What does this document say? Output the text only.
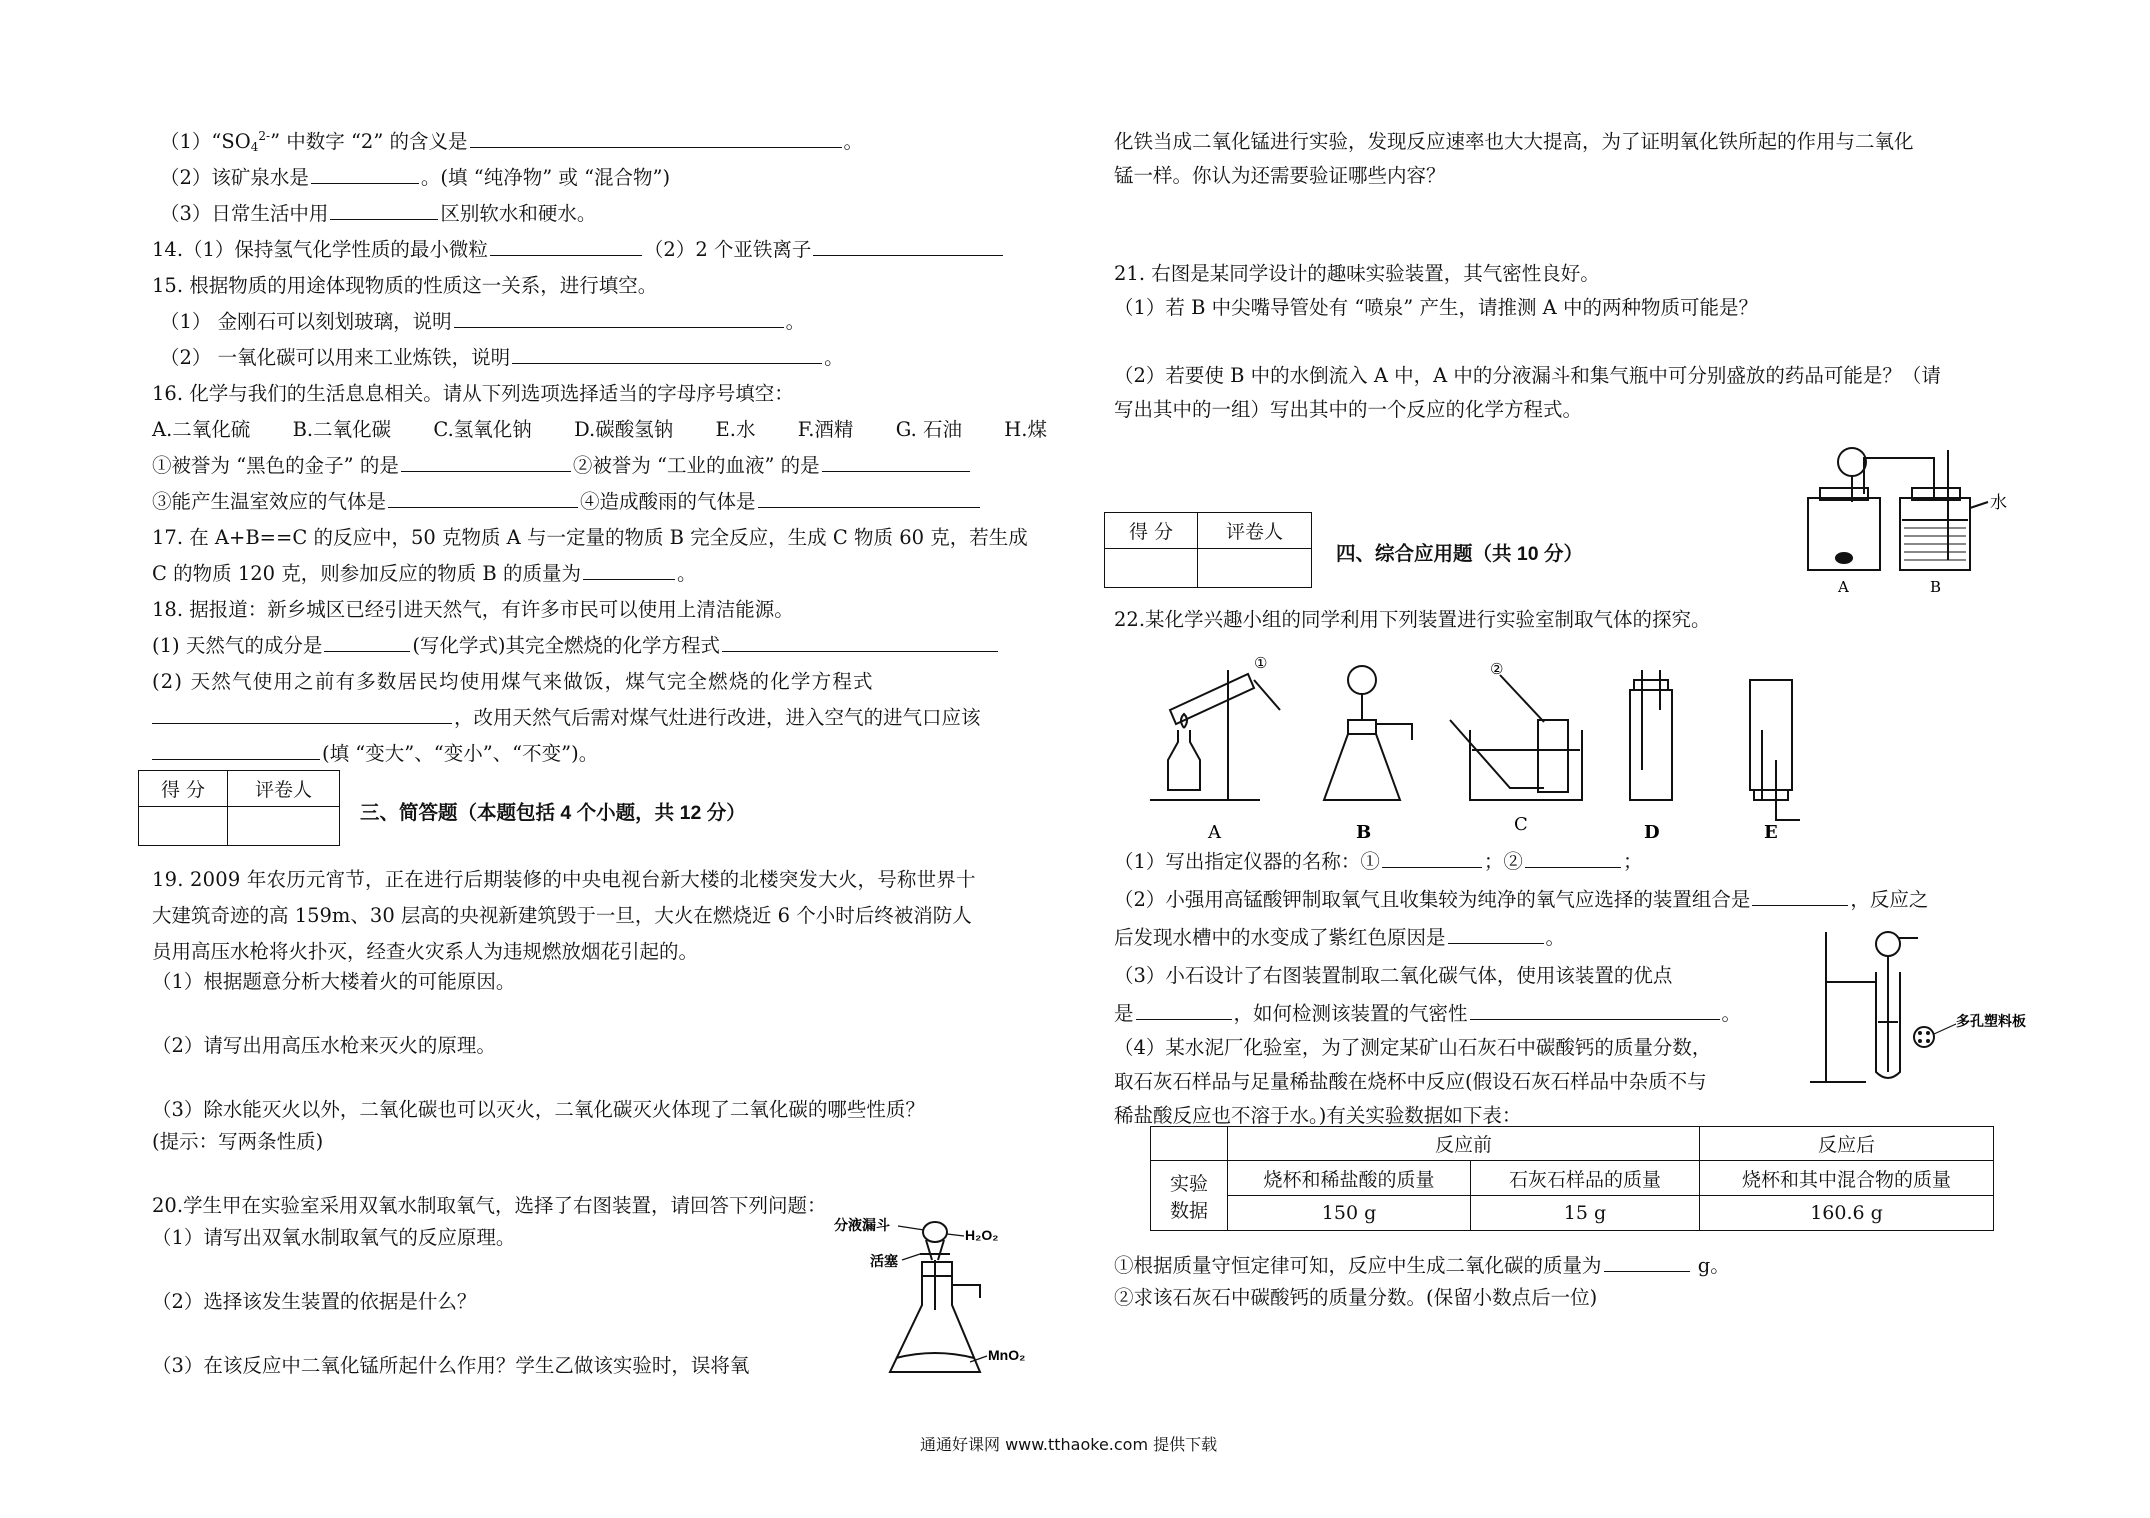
$(1)“SO4^{2-}$” 中数字 “2” 的含义是	。
（2）该矿泉水是	。(填 “纯净物” 或 “混合物”)
（3）日常生活中用	区别软水和硬水。
14.（1）保持氢气化学性质的最小微粒	（2）2 个亚铁离子
15. 根据物质的用途体现物质的性质这一关系，进行填空。
（1） 金刚石可以刻划玻璃，说明	。
（2） 一氧化碳可以用来工业炼铁，说明	。
16. 化学与我们的生活息息相关。请从下列选项选择适当的字母序号填空：
A.二氧化硫 B.二氧化碳 C.氢氧化钠 D.碳酸氢钠 E.水 F.酒精 G. 石油 H.煤
①被誉为 “黑色的金子” 的是	②被誉为 “工业的血液” 的是
③能产生温室效应的气体是	④造成酸雨的气体是
17. 在 A+B==C 的反应中，50 克物质 A 与一定量的物质 B 完全反应，生成 C 物质 60 克，若生成
C 的物质 120 克，则参加反应的物质 B 的质量为	。
18. 据报道：新乡城区已经引进天然气，有许多市民可以使用上清洁能源。
(1) 天然气的成分是	(写化学式)其完全燃烧的化学方程式
(2) 天然气使用之前有多数居民均使用煤气来做饭，煤气完全燃烧的化学方程式
，改用天然气后需对煤气灶进行改进，进入空气的进气口应该
(填 “变大”、“变小”、“不变”)。
得 分	评卷人

三、简答题（本题包括 4 个小题，共 12 分）
19. 2009 年农历元宵节，正在进行后期装修的中央电视台新大楼的北楼突发大火，号称世界十
大建筑奇迹的高 159m、30 层高的央视新建筑毁于一旦，大火在燃烧近 6 个小时后终被消防人
员用高压水枪将火扑灭，经查火灾系人为违规燃放烟花引起的。
（1）根据题意分析大楼着火的可能原因。
（2）请写出用高压水枪来灭火的原理。
（3）除水能灭火以外，二氧化碳也可以灭火，二氧化碳灭火体现了二氧化碳的哪些性质？
(提示：写两条性质)
20.学生甲在实验室采用双氧水制取氧气，选择了右图装置，请回答下列问题：
（1）请写出双氧水制取氧气的反应原理。
（2）选择该发生装置的依据是什么？
（3）在该反应中二氧化锰所起什么作用？学生乙做该实验时，误将氧
分液漏斗
H₂O₂
活塞
MnO₂
化铁当成二氧化锰进行实验，发现反应速率也大大提高，为了证明氧化铁所起的作用与二氧化
锰一样。你认为还需要验证哪些内容？
21. 右图是某同学设计的趣味实验装置，其气密性良好。
（1）若 B 中尖嘴导管处有 “喷泉” 产生，请推测 A 中的两种物质可能是？
（2）若要使 B 中的水倒流入 A 中，A 中的分液漏斗和集气瓶中可分别盛放的药品可能是？（请
写出其中的一组）写出其中的一个反应的化学方程式。
水
A	B
得 分	评卷人

四、综合应用题（共 10 分）
22.某化学兴趣小组的同学利用下列装置进行实验室制取气体的探究。
①	②
A	B	C	D	E
（1）写出指定仪器的名称：①	；②	；
（2）小强用高锰酸钾制取氧气且收集较为纯净的氧气应选择的装置组合是	，反应之
后发现水槽中的水变成了紫红色原因是	。
（3）小石设计了右图装置制取二氧化碳气体，使用该装置的优点
是	，如何检测该装置的气密性	。	多孔塑料板
（4）某水泥厂化验室，为了测定某矿山石灰石中碳酸钙的质量分数，
取石灰石样品与足量稀盐酸在烧杯中反应(假设石灰石样品中杂质不与
稀盐酸反应也不溶于水。)有关实验数据如下表：
	反应前		反应后
实验
数据	烧杯和稀盐酸的质量	石灰石样品的质量	烧杯和其中混合物的质量
	150 g	15 g	160.6 g
①根据质量守恒定律可知，反应中生成二氧化碳的质量为	g。
②求该石灰石中碳酸钙的质量分数。(保留小数点后一位)
通通好课网 www.tthaoke.com 提供下载
